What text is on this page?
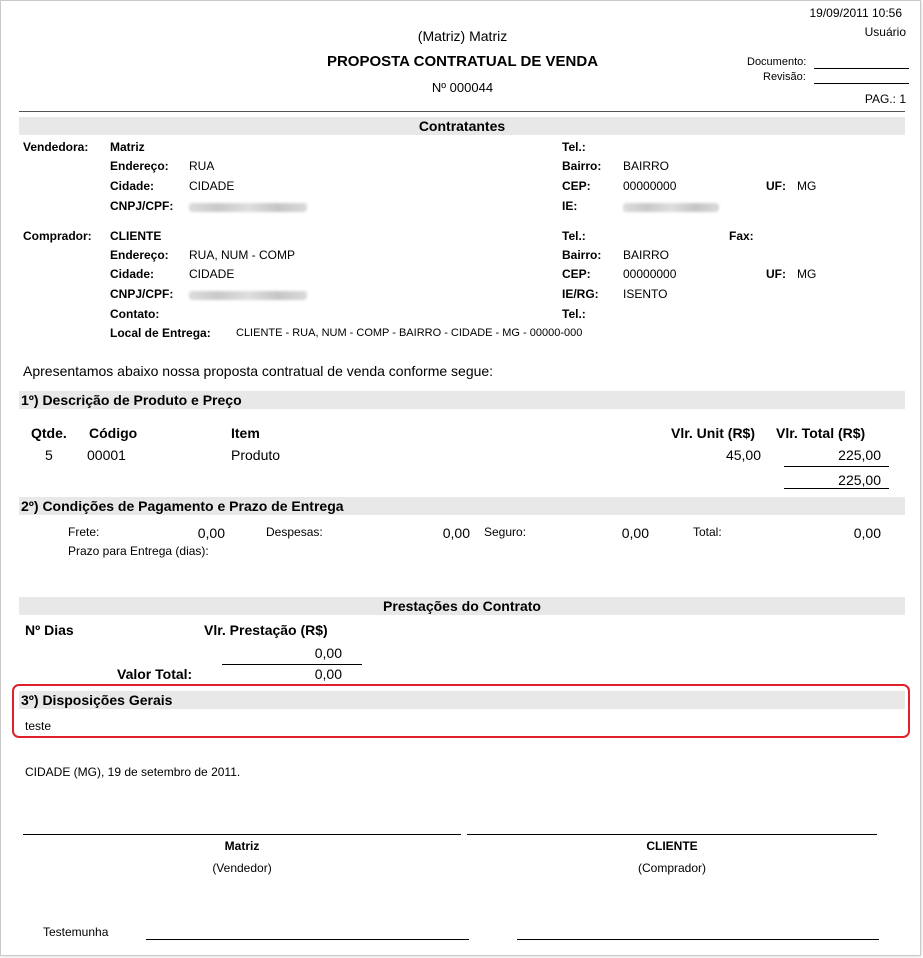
19/09/2011 10:56
Usuário
(Matriz) Matriz
PROPOSTA CONTRATUAL DE VENDA
Nº 000044
Documento:
Revisão:
PAG.: 1
Contratantes
Vendedora: Matriz
Endereço: RUA
Cidade:	CIDADE
CNPJ/CPF:
Tel.:
Bairro: BAIRRO
CEP:	00000000	UF: MG
IE:
Comprador: CLIENTE
Endereço: RUA, NUM - COMP
Cidade:	CIDADE
CNPJ/CPF:
Contato:
Local de Entrega: CLIENTE - RUA, NUM - COMP - BAIRRO - CIDADE - MG - 00000-000
Tel.:	Fax:
Bairro: BAIRRO
CEP:	00000000	UF: MG
IE/RG: ISENTO
Tel.:
Apresentamos abaixo nossa proposta contratual de venda conforme segue:
1º) Descrição de Produto e Preço
Qtde. Código	Item	Vlr. Unit (R$) Vlr. Total (R$)
5 00001	Produto	45,00	225,00
225,00
2º) Condições de Pagamento e Prazo de Entrega
Frete:	0,00	Despesas:	0,00 Seguro:	0,00	Total:	0,00
Prazo para Entrega (dias):
Prestações do Contrato
Nº Dias	Vlr. Prestação (R$)
0,00
Valor Total:	0,00
3º) Disposições Gerais
teste
CIDADE (MG), 19 de setembro de 2011.
Matriz
(Vendedor)
CLIENTE
(Comprador)
Testemunha
